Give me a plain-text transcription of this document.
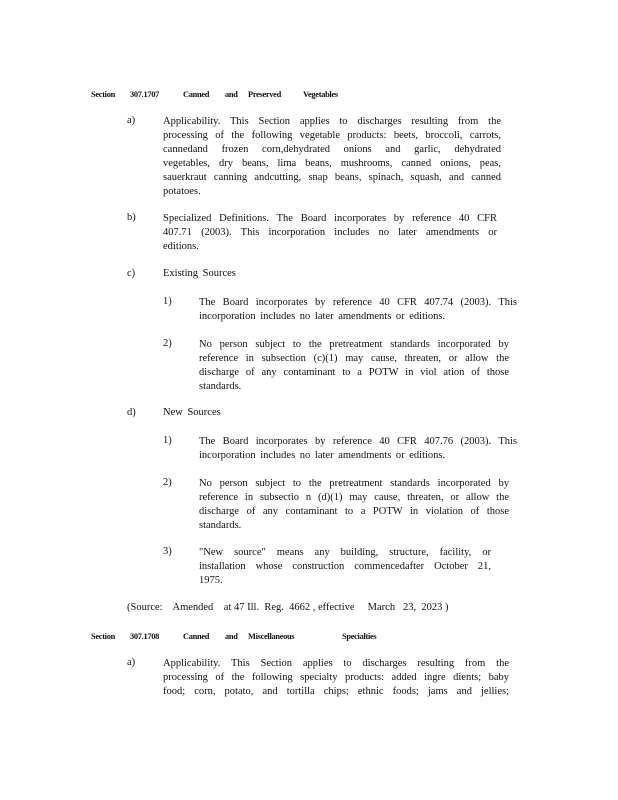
Section	307.1707	Canned	and	Preserved	Vegetables
a)	Applicability. This Section applies to discharges resulting from the
processing of the following vegetable products: beets, broccoli, carrots,
cannedand frozen corn,dehydrated onions and garlic, dehydrated
vegetables, dry beans, lima beans, mushrooms, canned onions, peas,
sauerkraut canning andcutting, snap beans, spinach, squash, and canned
potatoes.
b)	Specialized Definitions. The Board incorporates by reference 40 CFR
407.71 (2003). This incorporation includes no later amendments or
editions.
c)	Existing Sources
1)	The Board incorporates by reference 40 CFR 407.74 (2003). This
incorporation includes no later amendments or editions.
2)	No person subject to the pretreatment standards incorporated by
reference in subsection (c)(1) may cause, threaten, or allow the
discharge of any contaminant to a POTW in viol ation of those
standards.
d)	New Sources
1)	The Board incorporates by reference 40 CFR 407.76 (2003). This
incorporation includes no later amendments or editions.
2)	No person subject to the pretreatment standards incorporated by
reference in subsectio n (d)(1) may cause, threaten, or allow the
discharge of any contaminant to a POTW in violation of those
standards.
3)	"New source" means any building, structure, facility, or
installation whose construction commencedafter October 21,
1975.
(Source:    Amended    at 47 Ill.  Reg.  4662 , effective     March   23,  2023 )
Section	307.1708	Canned	and	Miscellaneous	Specialties
a)	Applicability. This Section applies to discharges resulting from the
processing of the following specialty products: added ingre dients; baby
food; corn, potato, and tortilla chips; ethnic foods; jams and jellies;
